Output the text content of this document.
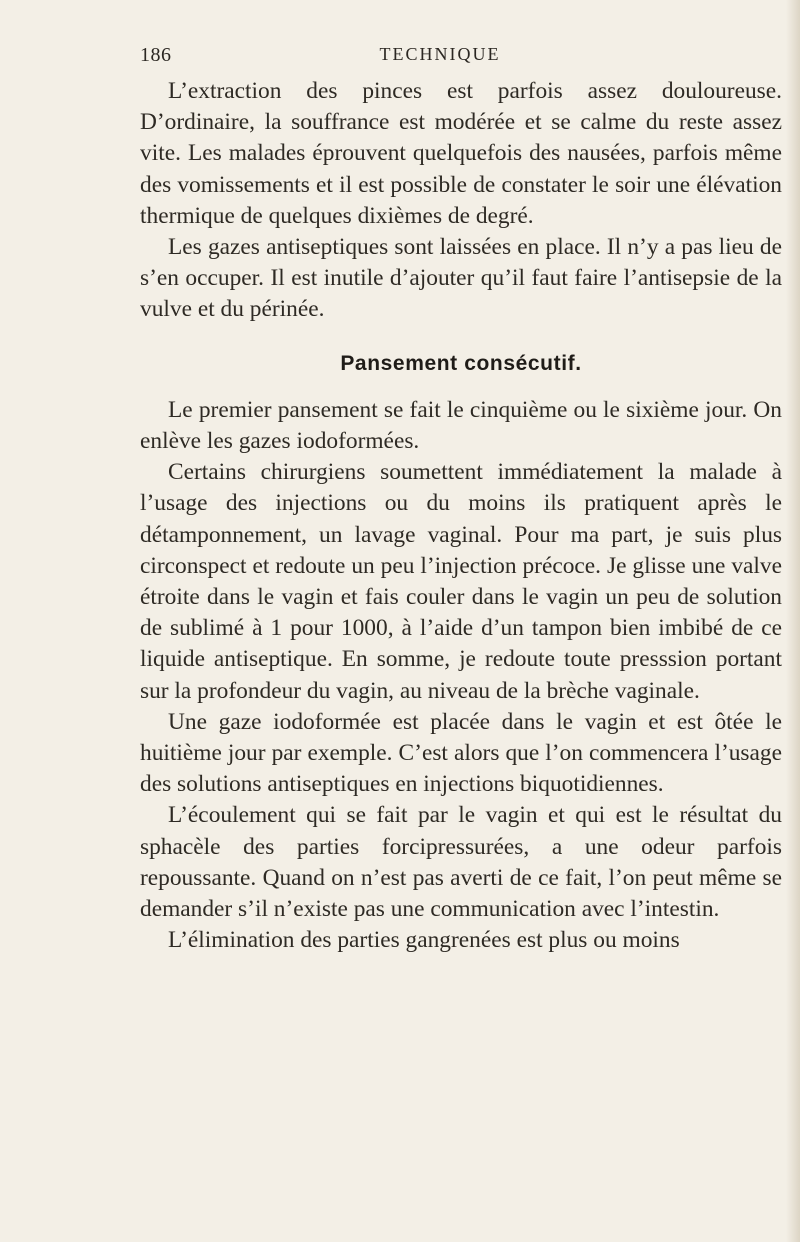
186	TECHNIQUE

L’extraction des pinces est parfois assez douloureuse. D’ordinaire, la souffrance est modérée et se calme du reste assez vite. Les malades éprouvent quelquefois des nausées, parfois même des vomissements et il est possible de constater le soir une élévation thermique de quelques dixièmes de degré.

Les gazes antiseptiques sont laissées en place. Il n’y a pas lieu de s’en occuper. Il est inutile d’ajouter qu’il faut faire l’antisepsie de la vulve et du périnée.

Pansement consécutif.

Le premier pansement se fait le cinquième ou le sixième jour. On enlève les gazes iodoformées.

Certains chirurgiens soumettent immédiatement la malade à l’usage des injections ou du moins ils pratiquent après le détamponnement, un lavage vaginal. Pour ma part, je suis plus circonspect et redoute un peu l’injection précoce. Je glisse une valve étroite dans le vagin et fais couler dans le vagin un peu de solution de sublimé à 1 pour 1000, à l’aide d’un tampon bien imbibé de ce liquide antiseptique. En somme, je redoute toute presssion portant sur la profondeur du vagin, au niveau de la brèche vaginale.

Une gaze iodoformée est placée dans le vagin et est ôtée le huitième jour par exemple. C’est alors que l’on commencera l’usage des solutions antiseptiques en injections biquotidiennes.

L’écoulement qui se fait par le vagin et qui est le résultat du sphacèle des parties forcipressurées, a une odeur parfois repoussante. Quand on n’est pas averti de ce fait, l’on peut même se demander s’il n’existe pas une communication avec l’intestin.

L’élimination des parties gangrenées est plus ou moins
